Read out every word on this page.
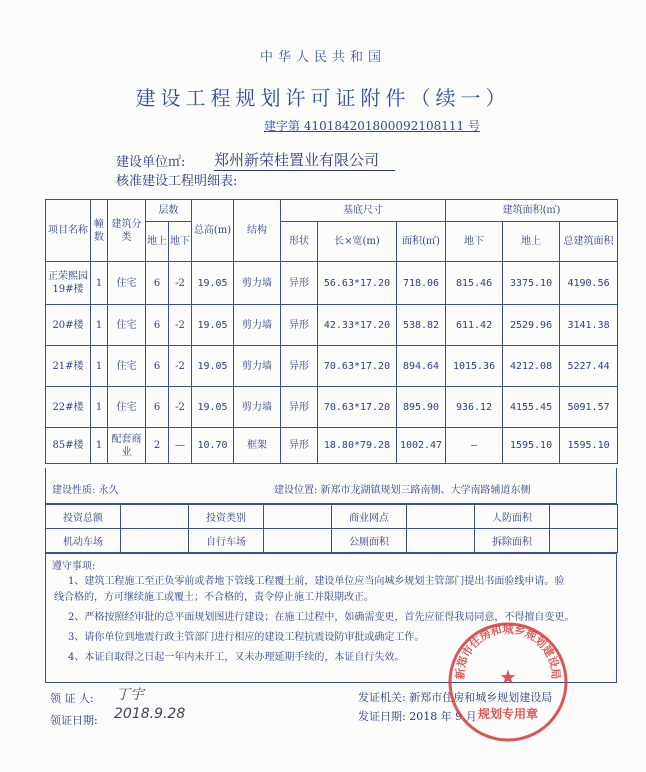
中华人民共和国
建设工程规划许可证附件（续一）
建字第 410184201800092108111 号
建设单位㎡: 郑州新荣桂置业有限公司
核准建设工程明细表:
项目名称	幢数	建筑分类	层数		总高(m)	结构	基底尺寸			建筑面积(㎡)		
			地上	地下			形状	长×宽(m)	面积(㎡)	地下	地上	总建筑面积
正荣熙园19#楼	1	住宅	6	-2	19.05	剪力墙	异形	56.63*17.20	718.06	815.46	3375.10	4190.56
20#楼	1	住宅	6	-2	19.05	剪力墙	异形	42.33*17.20	538.82	611.42	2529.96	3141.38
21#楼	1	住宅	6	-2	19.05	剪力墙	异形	70.63*17.20	894.64	1015.36	4212.08	5227.44
22#楼	1	住宅	6	-2	19.05	剪力墙	异形	70.63*17.20	895.90	936.12	4155.45	5091.57
85#楼	1	配套商业	2	—	10.70	框架	异形	18.80*79.28	1002.47	—	1595.10	1595.10
建设性质: 永久	建设位置: 新郑市龙湖镇规划三路南侧、大学南路辅道东侧
投资总额		投资类别		商业网点		人防面积	
机动车场		自行车场		公厕面积		拆除面积	
遵守事项:
1、建筑工程施工至正负零前或者地下管线工程覆土前，建设单位应当向城乡规划主管部门提出书面验线申请。验
线合格的，方可继续施工或覆土；不合格的，责令停止施工并限期改正。
2、严格按照经审批的总平面规划图进行建设；在施工过程中，如确需变更，首先应征得我局同意，不得擅自变更。
3、请你单位到地震行政主管部门进行相应的建设工程抗震设防审批或确定工作。
4、本证自取得之日起一年内未开工，又未办理延期手续的，本证自行失效。
领 证 人: 丁宇
领证日期: 2018.9.28
发证机关: 新郑市住房和城乡规划建设局
发证日期: 2018 年 9 月
新郑市住房和城乡规划建设局
★
规划专用章
